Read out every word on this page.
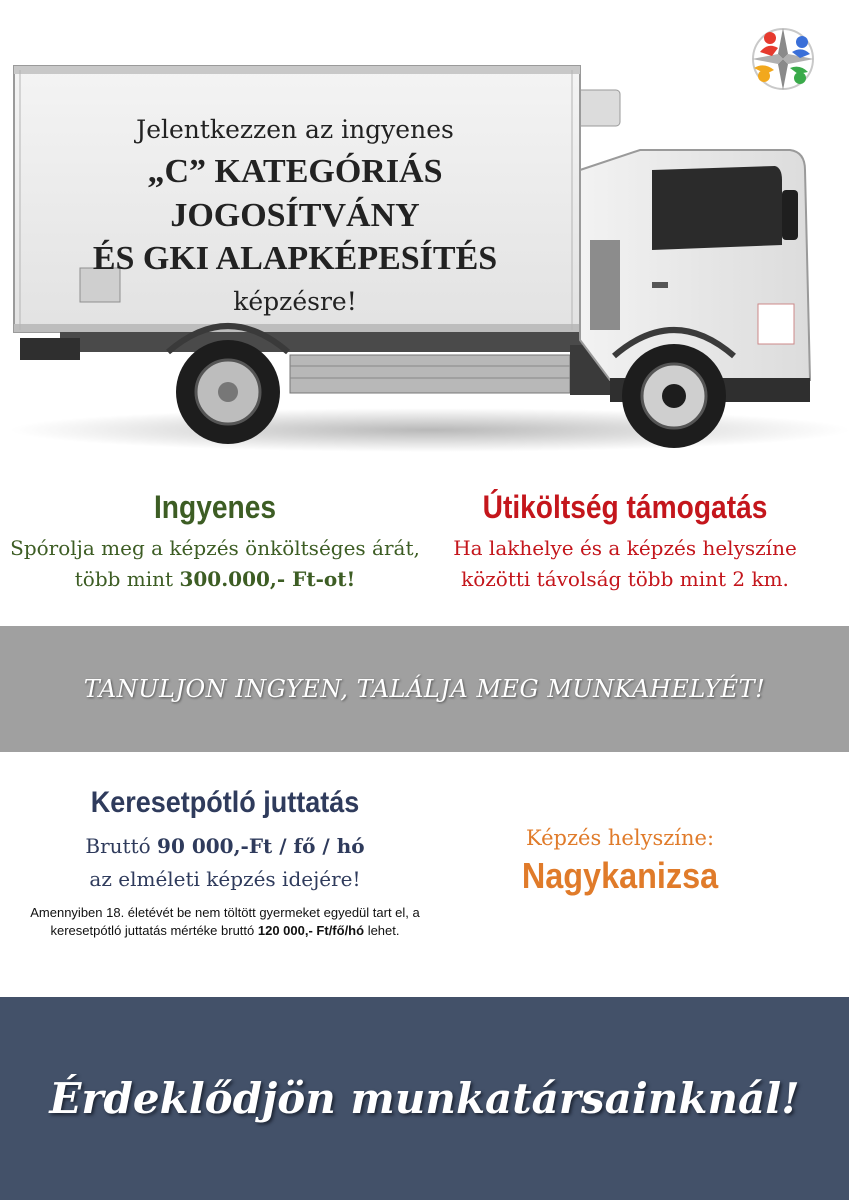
Jelentkezzen az ingyenes
„C” KATEGÓRIÁS JOGOSÍTVÁNY
ÉS GKI ALAPKÉPESÍTÉS
képzésre!
Ingyenes
Spórolja meg a képzés önköltséges árát, több mint 300.000,- Ft-ot!
Útiköltség támogatás
Ha lakhelye és a képzés helyszíne közötti távolság több mint 2 km.
TANULJON INGYEN, TALÁLJA MEG MUNKAHELYÉT!
Keresetpótló juttatás
Bruttó 90 000,-Ft / fő / hó
az elméleti képzés idejére!
Amennyiben 18. életévét be nem töltött gyermeket egyedül tart el, a keresetpótló juttatás mértéke bruttó 120 000,- Ft/fő/hó lehet.
Képzés helyszíne:
Nagykanizsa
Érdeklődjön munkatársainknál!
